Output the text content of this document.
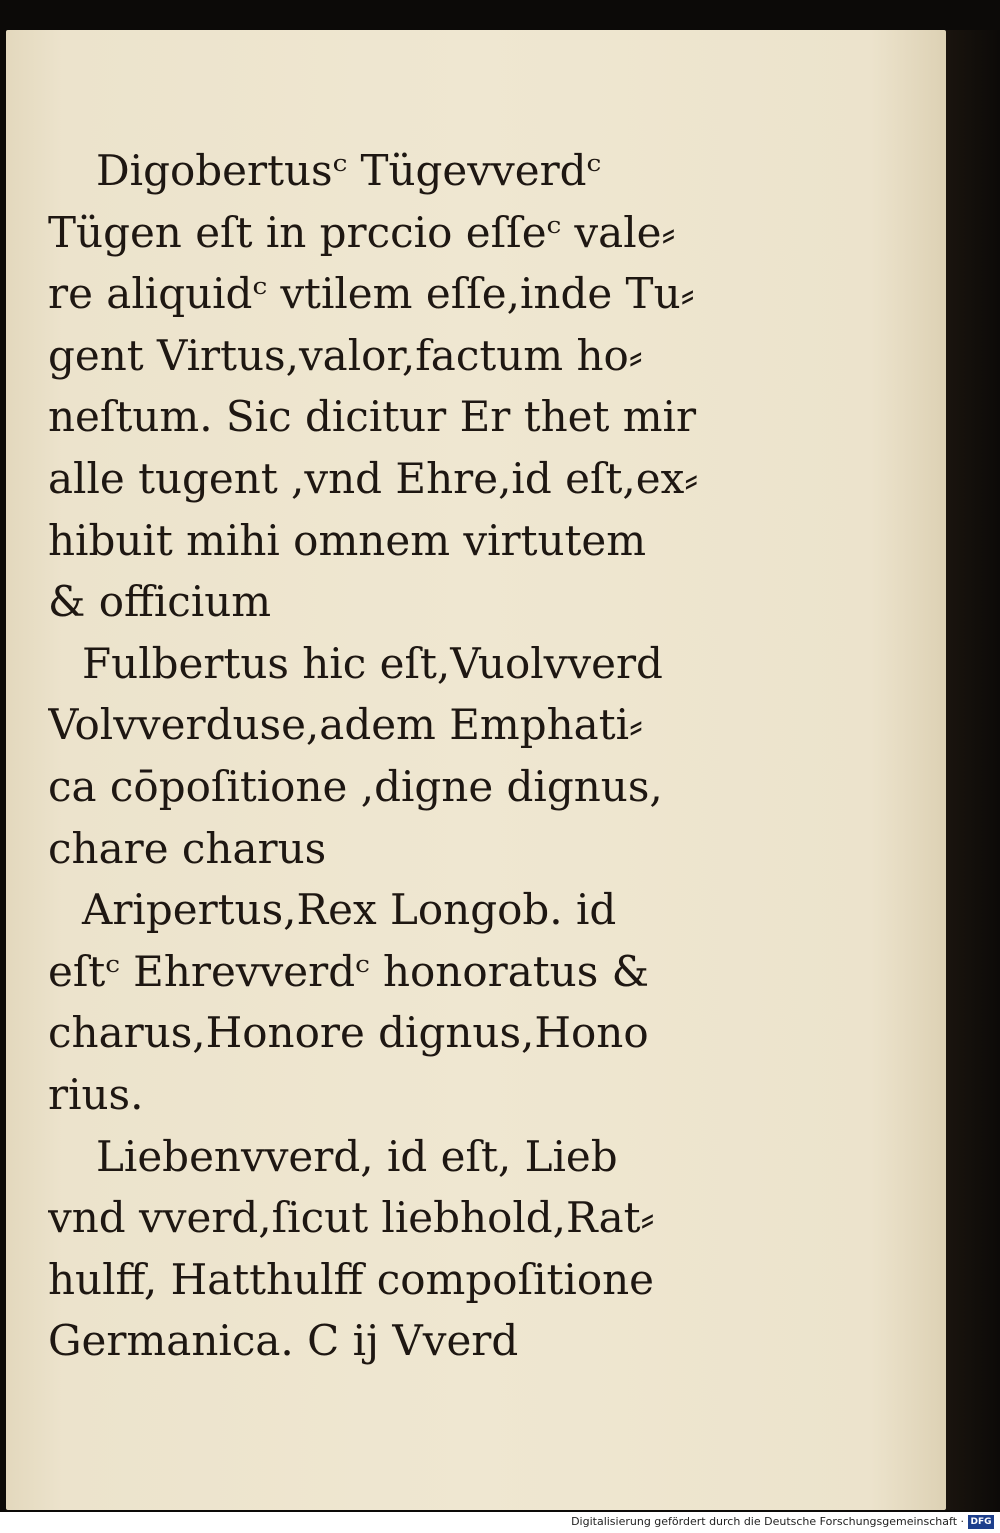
Digobertusᶜ Tügevverdᶜ
Tügen eſt in prccio eſſeᶜ vale⸗
re aliquidᶜ vtilem eſſe,inde Tu⸗
gent Virtus,valor,factum ho⸗
neſtum. Sic dicitur Er thet mir
alle tugent ,vnd Ehre,id eſt,ex⸗
hibuit mihi omnem virtutem
& officium
Fulbertus hic eſt,Vuolvverd
Volvverduse,adem Emphati⸗
ca cōpoſitione ,digne dignus,
chare charus
Aripertus,Rex Longob. id
eſtᶜ Ehrevverdᶜ honoratus &
charus,Honore dignus,Hono
rius.
Liebenvverd, id eſt, Lieb
vnd vverd,ſicut liebhold,Rat⸗
hulff, Hatthulff compoſitione
Germanica. C ij Vverd
Digitalisierung gefördert durch die Deutsche Forschungsgemeinschaft · DFG
